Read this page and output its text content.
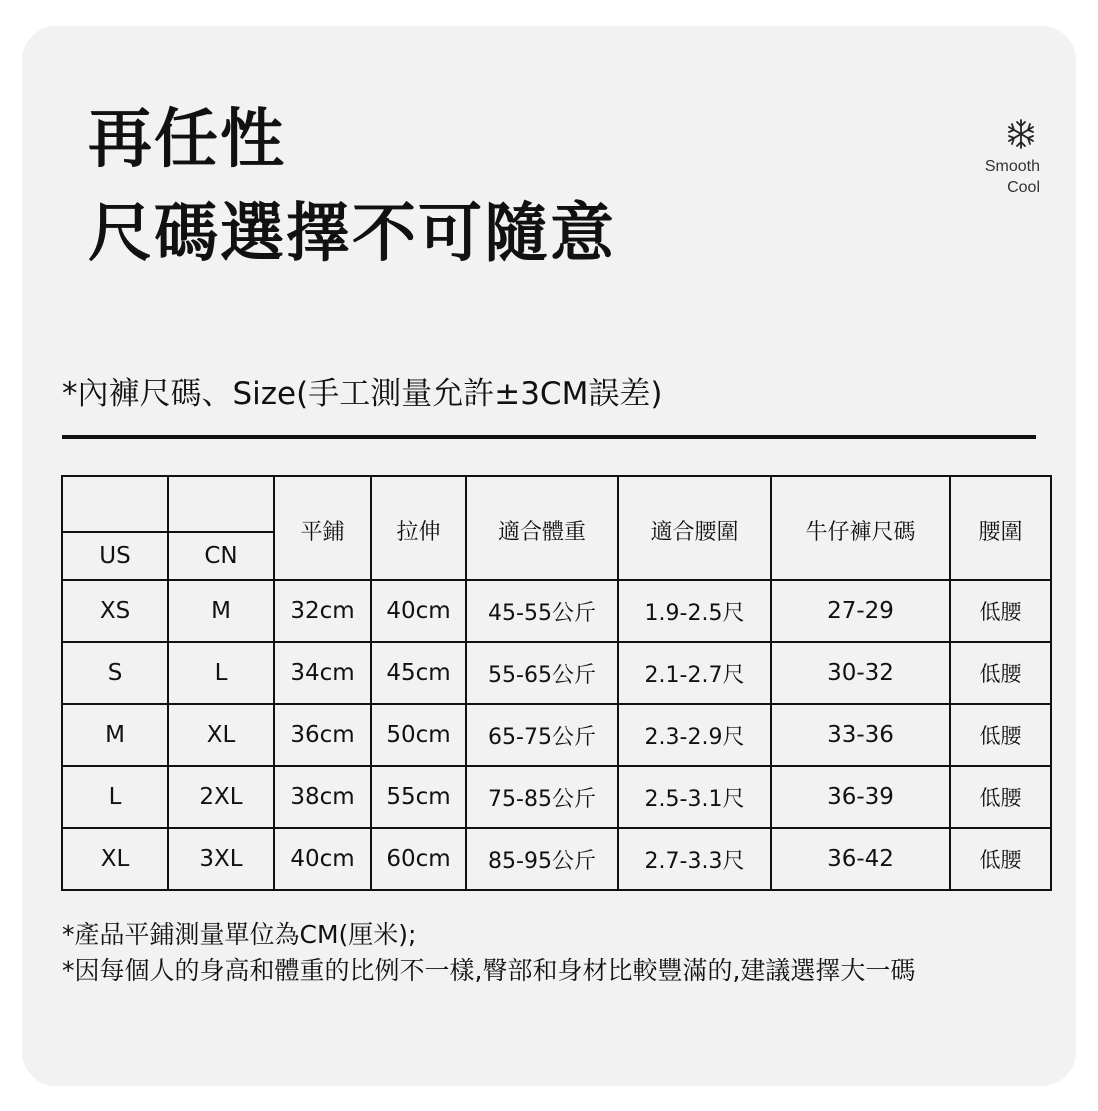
再任性
尺碼選擇不可隨意
Smooth
Cool
*內褲尺碼、Size(手工測量允許±3CM誤差)
US	CN	平鋪	拉伸	適合體重	適合腰圍	牛仔褲尺碼	腰圍
XS	M	32cm	40cm	45-55公斤	1.9-2.5尺	27-29	低腰
S	L	34cm	45cm	55-65公斤	2.1-2.7尺	30-32	低腰
M	XL	36cm	50cm	65-75公斤	2.3-2.9尺	33-36	低腰
L	2XL	38cm	55cm	75-85公斤	2.5-3.1尺	36-39	低腰
XL	3XL	40cm	60cm	85-95公斤	2.7-3.3尺	36-42	低腰
*產品平鋪測量單位為CM(厘米);
*因每個人的身高和體重的比例不一樣,臀部和身材比較豐滿的,建議選擇大一碼
